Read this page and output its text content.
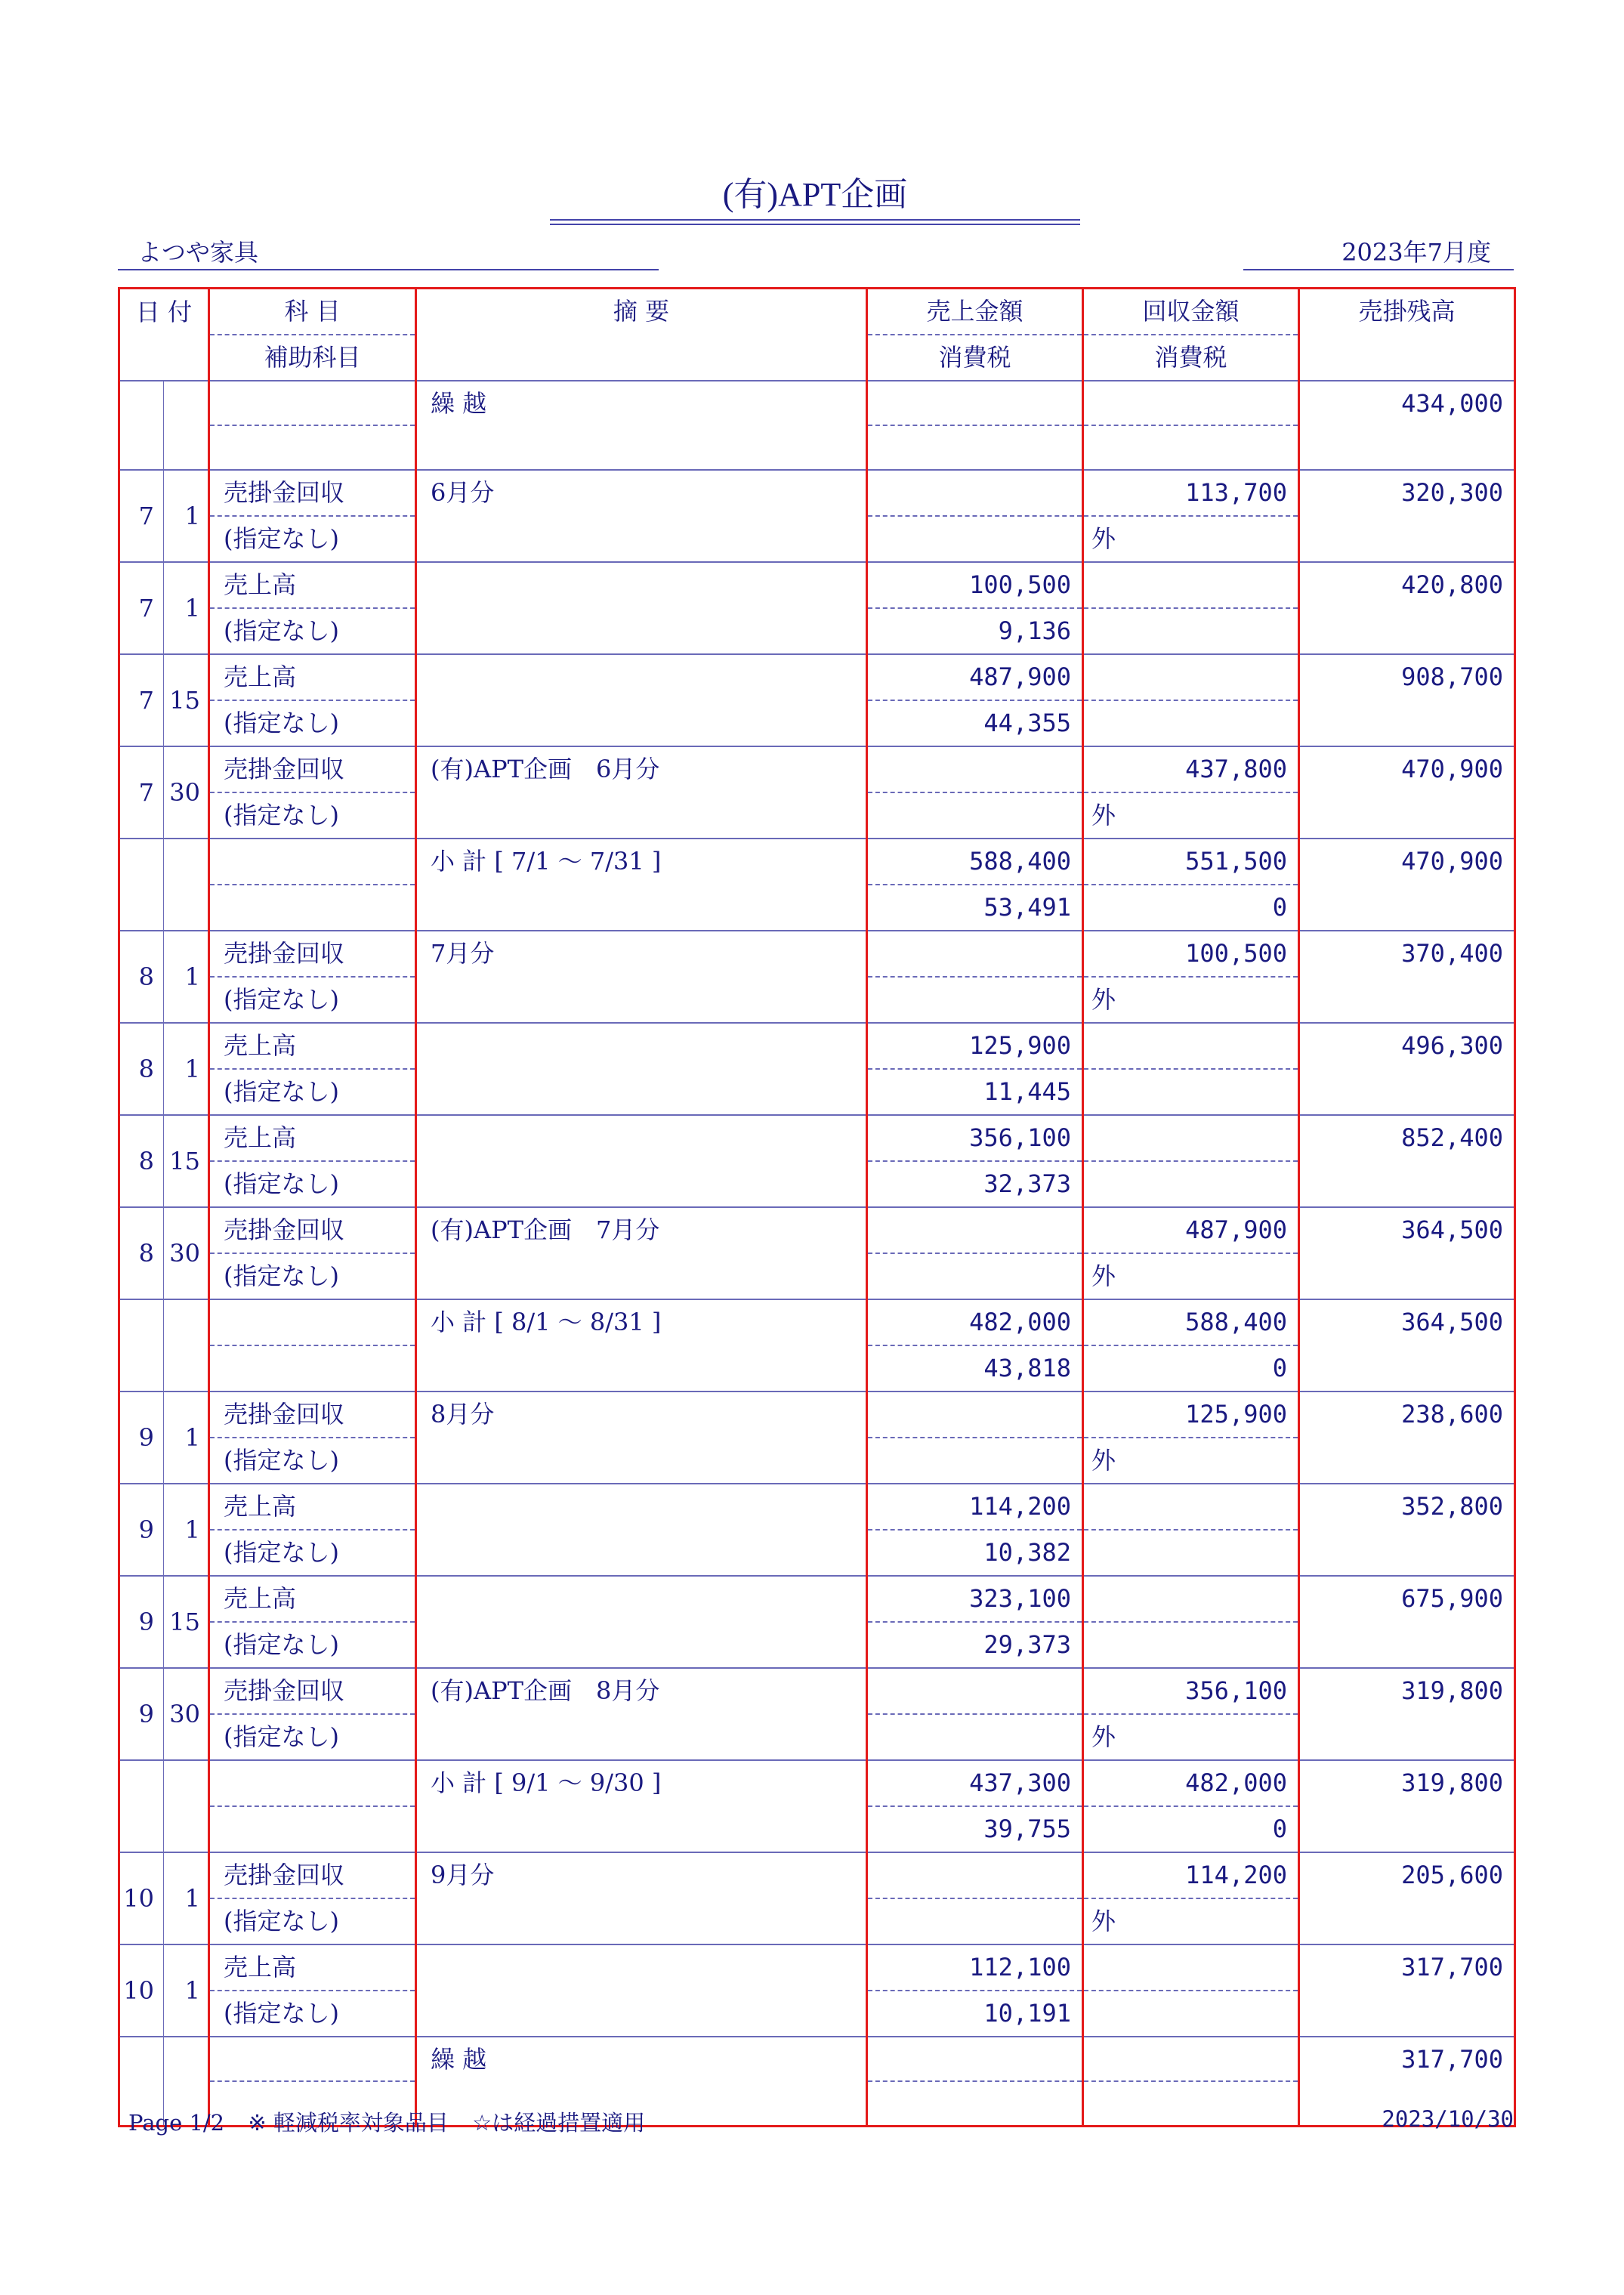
(有)APT企画
よつや家具	2023年7月度
日 付		科 目	摘 要	売上金額	回収金額	売掛残高
		補助科目		消費税	消費税	
			繰 越			434,000

7	1	売掛金回収	6月分		113,700	320,300
		(指定なし)			外	
7	1	売上高		100,500		420,800
		(指定なし)		9,136		
7	15	売上高		487,900		908,700
		(指定なし)		44,355		
7	30	売掛金回収	(有)APT企画　6月分		437,800	470,900
		(指定なし)			外	
			小 計 [ 7/1 ～ 7/31 ]	588,400	551,500	470,900
				53,491	0	
8	1	売掛金回収	7月分		100,500	370,400
		(指定なし)			外	
8	1	売上高		125,900		496,300
		(指定なし)		11,445		
8	15	売上高		356,100		852,400
		(指定なし)		32,373		
8	30	売掛金回収	(有)APT企画　7月分		487,900	364,500
		(指定なし)			外	
			小 計 [ 8/1 ～ 8/31 ]	482,000	588,400	364,500
				43,818	0	
9	1	売掛金回収	8月分		125,900	238,600
		(指定なし)			外	
9	1	売上高		114,200		352,800
		(指定なし)		10,382		
9	15	売上高		323,100		675,900
		(指定なし)		29,373		
9	30	売掛金回収	(有)APT企画　8月分		356,100	319,800
		(指定なし)			外	
			小 計 [ 9/1 ～ 9/30 ]	437,300	482,000	319,800
				39,755	0	
10	1	売掛金回収	9月分		114,200	205,600
		(指定なし)			外	
10	1	売上高		112,100		317,700
		(指定なし)		10,191		
			繰 越			317,700

Page 1/2 ※ 軽減税率対象品目 ☆は経過措置適用	2023/10/30
